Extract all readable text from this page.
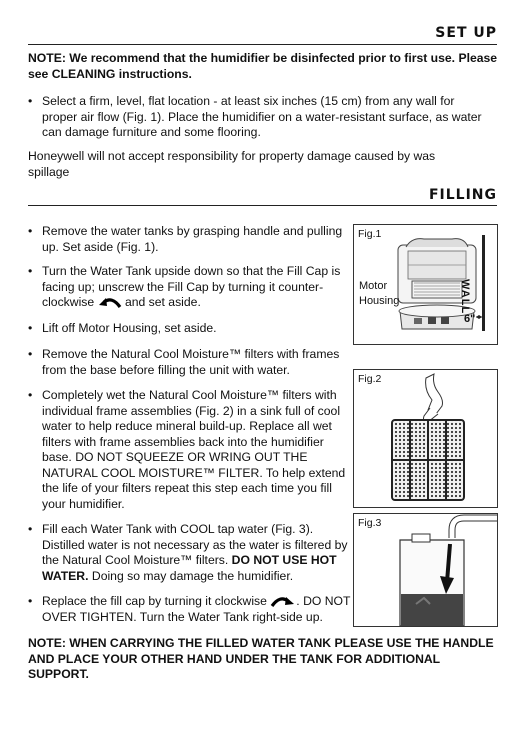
SET UP
NOTE: We recommend that the humidifier be disinfected prior to first use. Please see CLEANING instructions.
• Select a firm, level, flat location - at least six inches (15 cm) from any wall for proper air flow (Fig. 1). Place the humidifier on a water-resistant surface, as water can damage furniture and some flooring.
Honeywell will not accept responsibility for property damage caused by was spillage
FILLING
• Remove the water tanks by grasping handle and pulling up. Set aside (Fig. 1).
• Turn the Water Tank upside down so that the Fill Cap is facing up; unscrew the Fill Cap by turning it counter-clockwise	and set aside.
• Lift off Motor Housing, set aside.
• Remove the Natural Cool Moisture™ filters with frames from the base before filling the unit with water.
• Completely wet the Natural Cool Moisture™ filters with individual frame assemblies (Fig. 2) in a sink full of cool water to help reduce mineral build-up. Replace all wet filters with frame assemblies back into the humidifier base. DO NOT SQUEEZE OR WRING OUT THE NATURAL COOL MOISTURE™ FILTER. To help extend the life of your filters repeat this step each time you fill your humidifier.
• Fill each Water Tank with COOL tap water (Fig. 3). Distilled water is not necessary as the water is filtered by the Natural Cool Moisture™ filters. DO NOT USE HOT WATER. Doing so may damage the humidifier.
• Replace the fill cap by turning it clockwise . DO NOT OVER TIGHTEN. Turn the Water Tank right-side up.
NOTE: WHEN CARRYING THE FILLED WATER TANK PLEASE USE THE HANDLE AND PLACE YOUR OTHER HAND UNDER THE TANK FOR ADDITIONAL SUPPORT.
Fig.1
Motor
Housing
6"
WALL
Fig.2
Fig.3
